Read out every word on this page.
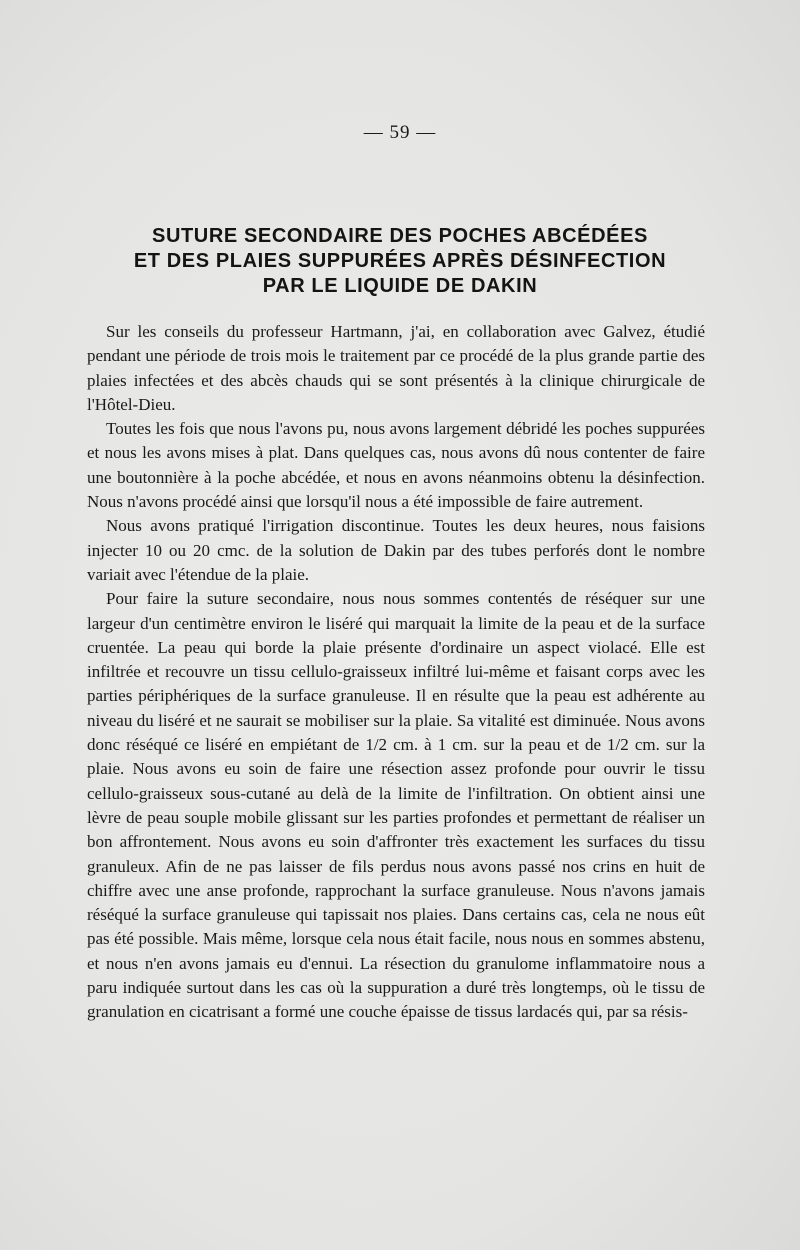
— 59 —
SUTURE SECONDAIRE DES POCHES ABCÉDÉES
ET DES PLAIES SUPPURÉES APRÈS DÉSINFECTION
PAR LE LIQUIDE DE DAKIN

Sur les conseils du professeur Hartmann, j'ai, en collaboration avec Galvez, étudié pendant une période de trois mois le traitement par ce procédé de la plus grande partie des plaies infectées et des abcès chauds qui se sont présentés à la clinique chirurgicale de l'Hôtel-Dieu.

Toutes les fois que nous l'avons pu, nous avons largement débridé les poches suppurées et nous les avons mises à plat. Dans quelques cas, nous avons dû nous contenter de faire une boutonnière à la poche abcédée, et nous en avons néanmoins obtenu la désinfection. Nous n'avons procédé ainsi que lorsqu'il nous a été impossible de faire autrement.

Nous avons pratiqué l'irrigation discontinue. Toutes les deux heures, nous faisions injecter 10 ou 20 cmc. de la solution de Dakin par des tubes perforés dont le nombre variait avec l'étendue de la plaie.

Pour faire la suture secondaire, nous nous sommes contentés de réséquer sur une largeur d'un centimètre environ le liséré qui marquait la limite de la peau et de la surface cruentée. La peau qui borde la plaie présente d'ordinaire un aspect violacé. Elle est infiltrée et recouvre un tissu cellulo-graisseux infiltré lui-même et faisant corps avec les parties périphériques de la surface granuleuse. Il en résulte que la peau est adhérente au niveau du liséré et ne saurait se mobiliser sur la plaie. Sa vitalité est diminuée. Nous avons donc réséqué ce liséré en empiétant de 1/2 cm. à 1 cm. sur la peau et de 1/2 cm. sur la plaie. Nous avons eu soin de faire une résection assez profonde pour ouvrir le tissu cellulo-graisseux sous-cutané au delà de la limite de l'infiltration. On obtient ainsi une lèvre de peau souple mobile glissant sur les parties profondes et permettant de réaliser un bon affrontement. Nous avons eu soin d'affronter très exactement les surfaces du tissu granuleux. Afin de ne pas laisser de fils perdus nous avons passé nos crins en huit de chiffre avec une anse profonde, rapprochant la surface granuleuse. Nous n'avons jamais réséqué la surface granuleuse qui tapissait nos plaies. Dans certains cas, cela ne nous eût pas été possible. Mais même, lorsque cela nous était facile, nous nous en sommes abstenu, et nous n'en avons jamais eu d'ennui. La résection du granulome inflammatoire nous a paru indiquée surtout dans les cas où la suppuration a duré très longtemps, où le tissu de granulation en cicatrisant a formé une couche épaisse de tissus lardacés qui, par sa résis-
